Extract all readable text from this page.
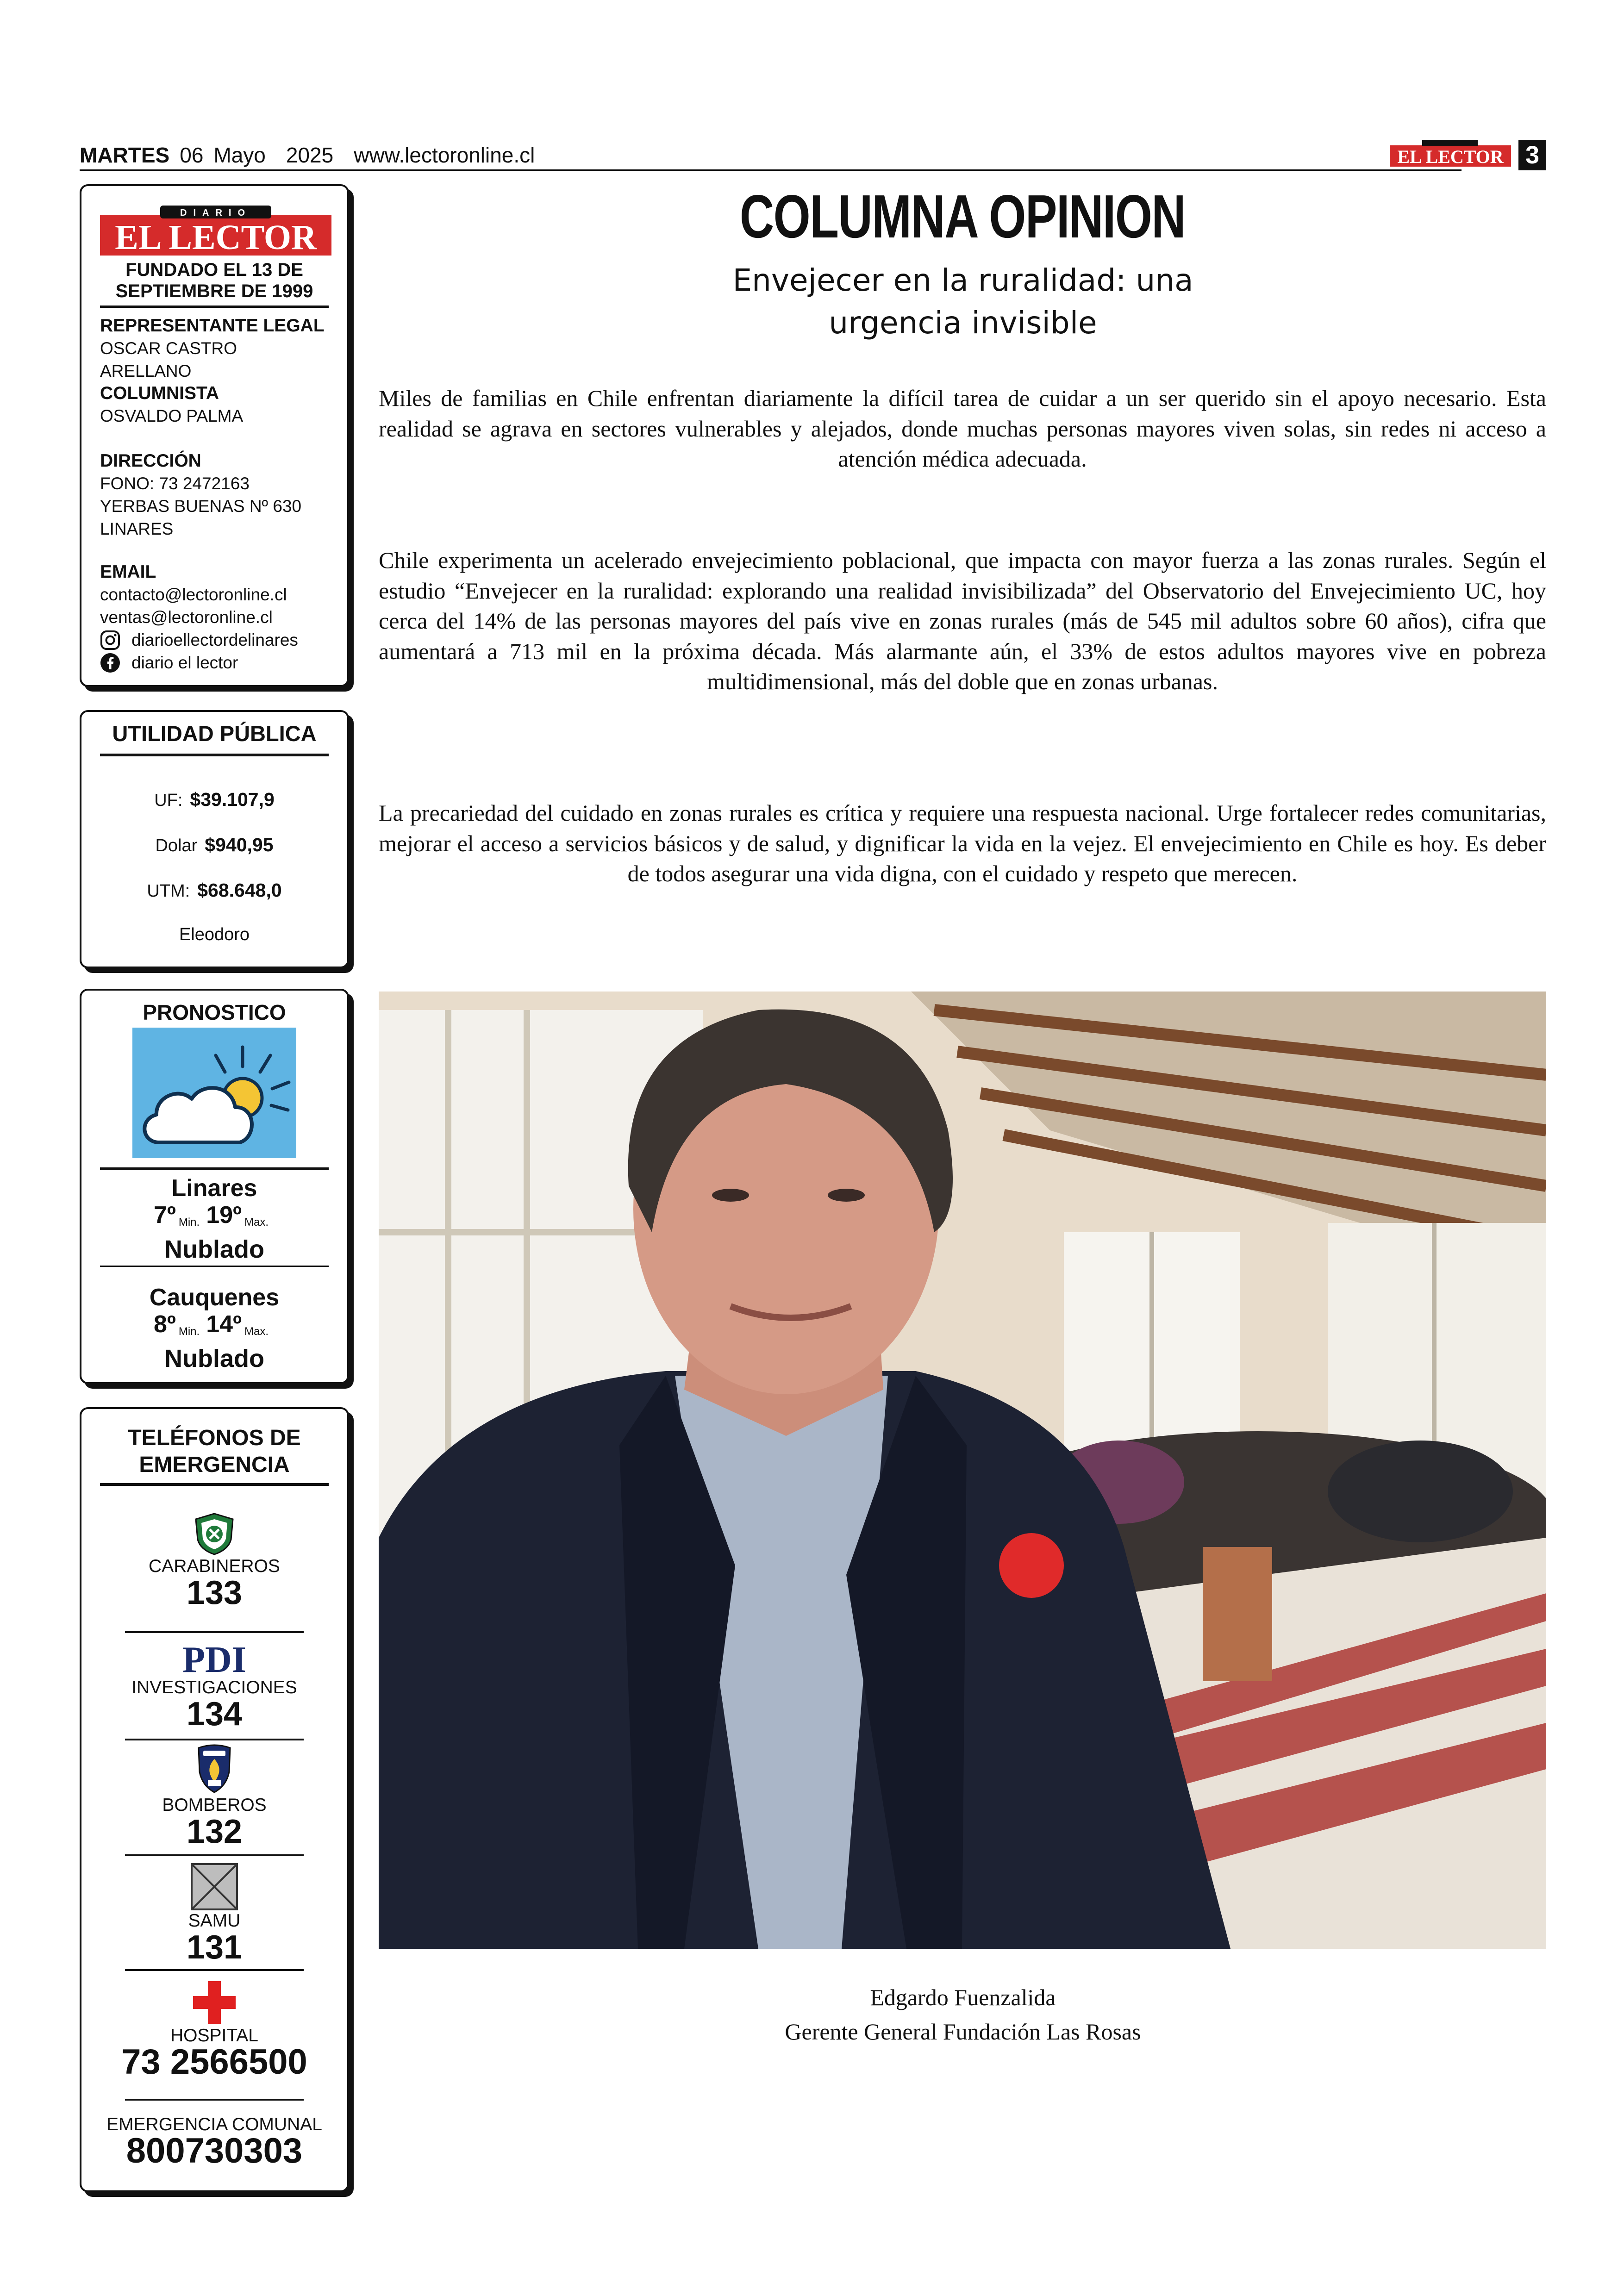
MARTES 06 Mayo 2025 www.lectoronline.cl	EL LECTOR 3
DIARIO
EL LECTOR
FUNDADO EL 13 DE
SEPTIEMBRE DE 1999
REPRESENTANTE LEGAL
OSCAR CASTRO ARELLANO
COLUMNISTA
OSVALDO PALMA
DIRECCIÓN
FONO: 73 2472163
YERBAS BUENAS Nº 630
LINARES
EMAIL
contacto@lectoronline.cl
ventas@lectoronline.cl
diarioellectordelinares
diario el lector
UTILIDAD PÚBLICA
UF: $39.107,9
Dolar $940,95
UTM: $68.648,0
Eleodoro
PRONOSTICO
Linares
7º Min. 19º Max.
Nublado
Cauquenes
8º Min. 14º Max.
Nublado
TELÉFONOS DE
EMERGENCIA
CARABINEROS
133
PDI
INVESTIGACIONES
134
BOMBEROS
132
SAMU
131
HOSPITAL
73 2566500
EMERGENCIA COMUNAL
800730303
COLUMNA OPINION
Envejecer en la ruralidad: una
urgencia invisible
Miles de familias en Chile enfrentan diariamente la difícil tarea de cuidar a un ser querido sin el apoyo necesario. Esta realidad se agrava en sectores vulnerables y alejados, donde muchas personas mayores viven solas, sin redes ni acceso a atención médica adecuada.
Chile experimenta un acelerado envejecimiento poblacional, que impacta con mayor fuerza a las zonas rurales. Según el estudio “Envejecer en la ruralidad: explorando una realidad invisibilizada” del Observatorio del Envejecimiento UC, hoy cerca del 14% de las personas mayores del país vive en zonas rurales (más de 545 mil adultos sobre 60 años), cifra que aumentará a 713 mil en la próxima década. Más alarmante aún, el 33% de estos adultos mayores vive en pobreza multidimensional, más del doble que en zonas urbanas.
La precariedad del cuidado en zonas rurales es crítica y requiere una respuesta nacional. Urge fortalecer redes comunitarias, mejorar el acceso a servicios básicos y de salud, y dignificar la vida en la vejez. El envejecimiento en Chile es hoy. Es deber de todos asegurar una vida digna, con el cuidado y respeto que merecen.
Edgardo Fuenzalida
Gerente General Fundación Las Rosas
